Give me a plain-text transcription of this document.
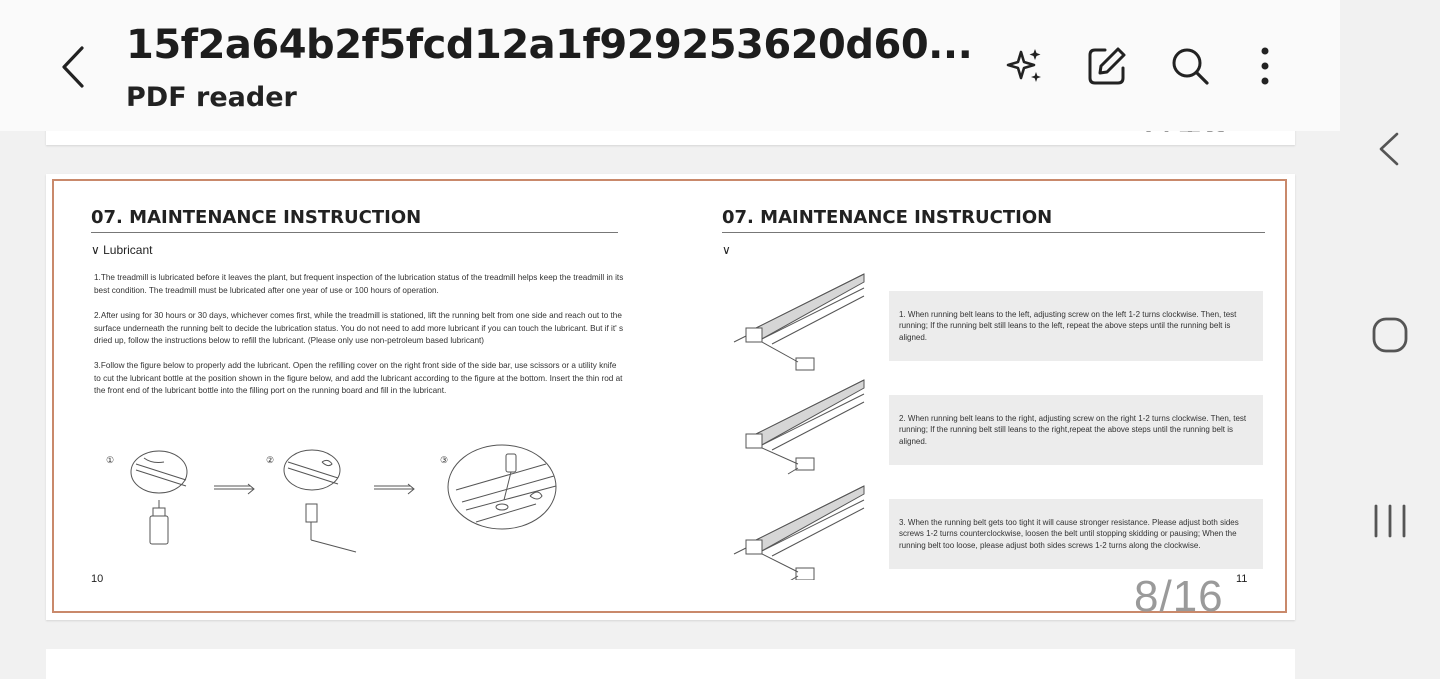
15f2a64b2f5fcd12a1f929253620d60...
PDF reader
07. MAINTENANCE INSTRUCTION
∨ Lubricant

1.The treadmill is lubricated before it leaves the plant, but frequent inspection of the lubrication status of the treadmill helps keep the treadmill in its best condition. The treadmill must be lubricated after one year of use or 100 hours of operation.

2.After using for 30 hours or 30 days, whichever comes first, while the treadmill is stationed, lift the running belt from one side and reach out to the surface underneath the running belt to decide the lubrication status. You do not need to add more lubricant if you can touch the lubricant. But if it' s dried up, follow the instructions below to refill the lubricant. (Please only use non-petroleum based lubricant)

3.Follow the figure below to properly add the lubricant. Open the refilling cover on the right front side of the side bar, use scissors or a utility knife to cut the lubricant bottle at the position shown in the figure below, and add the lubricant according to the figure at the bottom. Insert the thin rod at the front end of the lubricant bottle into the filling port on the running board and fill in the lubricant.

①	②	③
10
07. MAINTENANCE INSTRUCTION
∨
1. When running belt leans to the left, adjusting screw on the left 1-2 turns clockwise. Then, test running; If the running belt still leans to the left, repeat the above steps until the running belt is aligned.
2. When running belt leans to the right, adjusting screw on the right 1-2 turns clockwise. Then, test running; If the running belt still leans to the right,repeat the above steps until the running belt is aligned.
3. When the running belt gets too tight it will cause stronger resistance. Please adjust both sides screws 1-2 turns counterclockwise, loosen the belt until stopping skidding or pausing; When the running belt too loose, please adjust both sides screws 1-2 turns along the clockwise.
11
8/16
